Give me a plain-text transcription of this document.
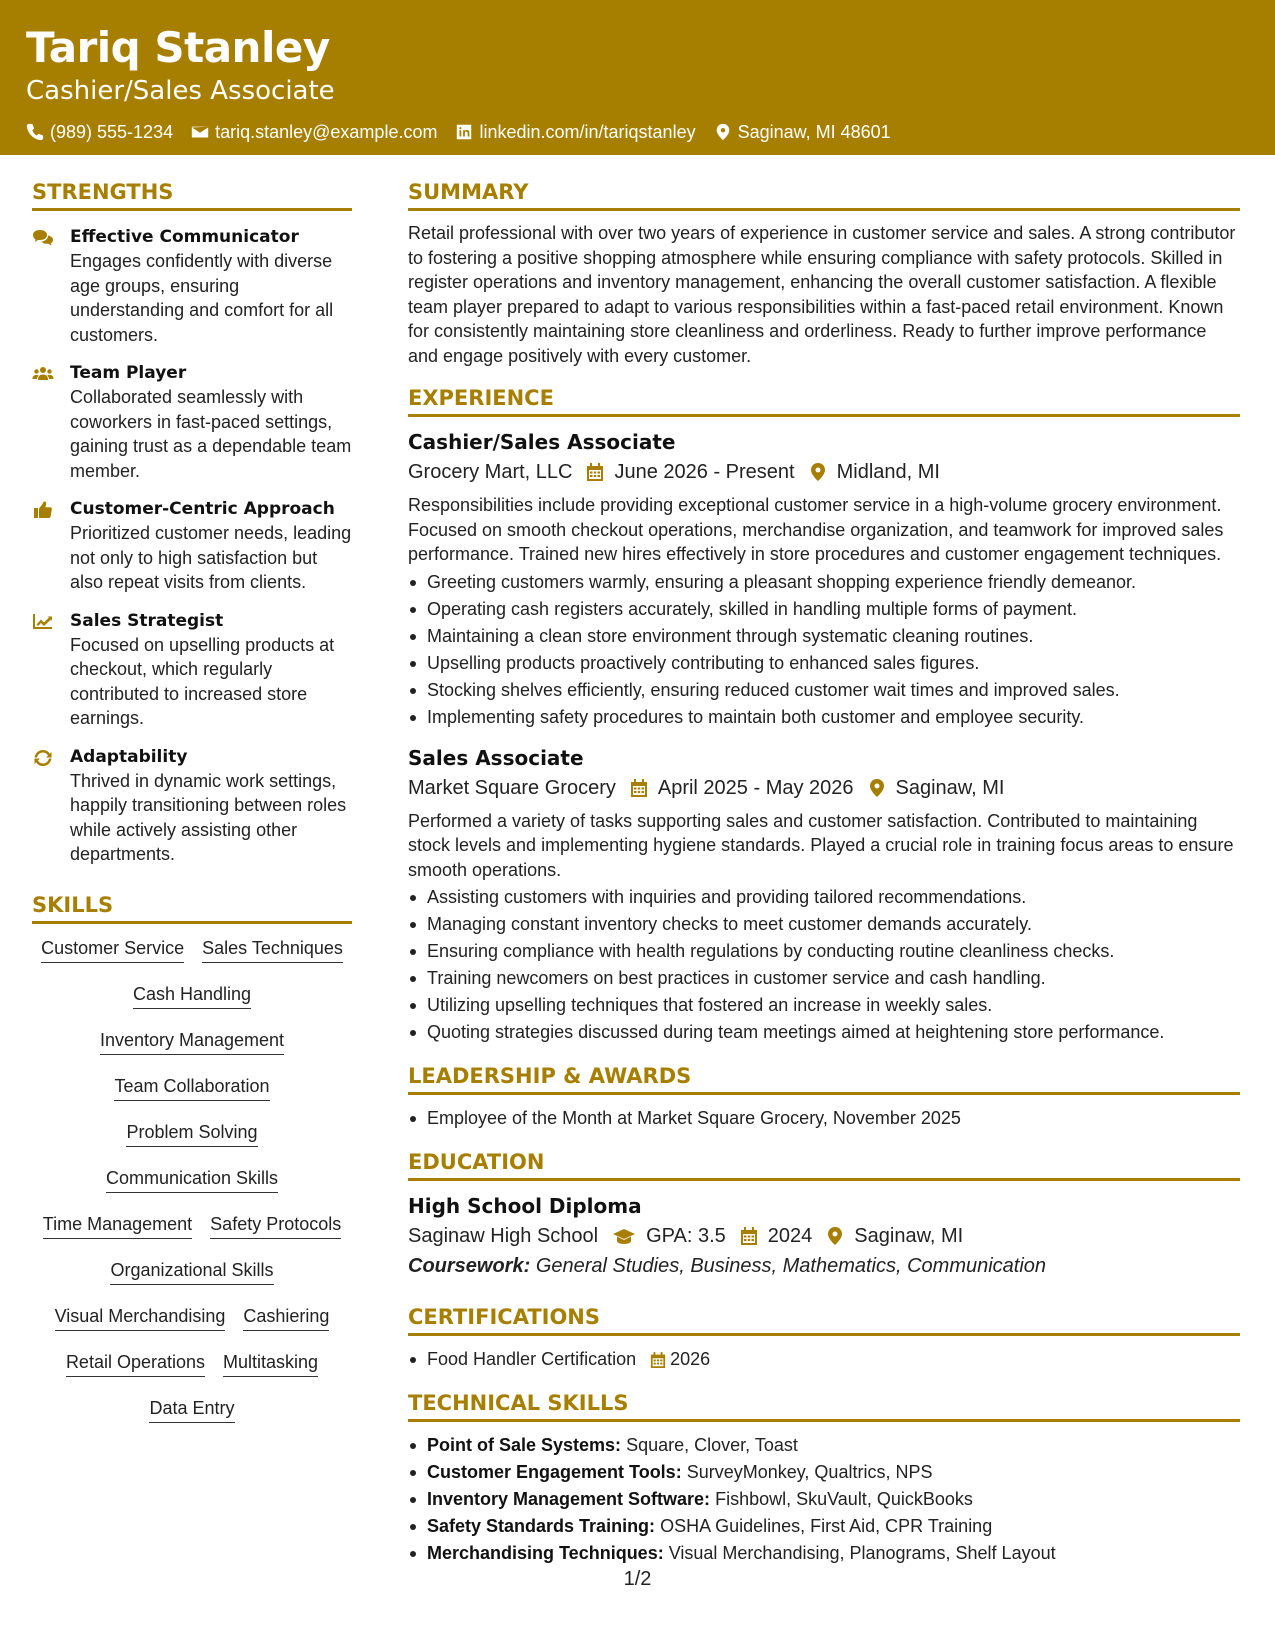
Tariq Stanley
Cashier/Sales Associate
(989) 555-1234 tariq.stanley@example.com linkedin.com/in/tariqstanley Saginaw, MI 48601
STRENGTHS
Effective Communicator
Engages confidently with diverse age groups, ensuring understanding and comfort for all customers.
Team Player
Collaborated seamlessly with coworkers in fast-paced settings, gaining trust as a dependable team member.
Customer-Centric Approach
Prioritized customer needs, leading not only to high satisfaction but also repeat visits from clients.
Sales Strategist
Focused on upselling products at checkout, which regularly contributed to increased store earnings.
Adaptability
Thrived in dynamic work settings, happily transitioning between roles while actively assisting other departments.
SKILLS
Customer Service Sales Techniques
Cash Handling
Inventory Management
Team Collaboration
Problem Solving
Communication Skills
Time Management Safety Protocols
Organizational Skills
Visual Merchandising Cashiering
Retail Operations Multitasking
Data Entry
SUMMARY
Retail professional with over two years of experience in customer service and sales. A strong contributor to fostering a positive shopping atmosphere while ensuring compliance with safety protocols. Skilled in register operations and inventory management, enhancing the overall customer satisfaction. A flexible team player prepared to adapt to various responsibilities within a fast-paced retail environment. Known for consistently maintaining store cleanliness and orderliness. Ready to further improve performance and engage positively with every customer.
EXPERIENCE
Cashier/Sales Associate
Grocery Mart, LLC June 2026 - Present Midland, MI
Responsibilities include providing exceptional customer service in a high-volume grocery environment. Focused on smooth checkout operations, merchandise organization, and teamwork for improved sales performance. Trained new hires effectively in store procedures and customer engagement techniques.
Greeting customers warmly, ensuring a pleasant shopping experience friendly demeanor.
Operating cash registers accurately, skilled in handling multiple forms of payment.
Maintaining a clean store environment through systematic cleaning routines.
Upselling products proactively contributing to enhanced sales figures.
Stocking shelves efficiently, ensuring reduced customer wait times and improved sales.
Implementing safety procedures to maintain both customer and employee security.
Sales Associate
Market Square Grocery April 2025 - May 2026 Saginaw, MI
Performed a variety of tasks supporting sales and customer satisfaction. Contributed to maintaining stock levels and implementing hygiene standards. Played a crucial role in training focus areas to ensure smooth operations.
Assisting customers with inquiries and providing tailored recommendations.
Managing constant inventory checks to meet customer demands accurately.
Ensuring compliance with health regulations by conducting routine cleanliness checks.
Training newcomers on best practices in customer service and cash handling.
Utilizing upselling techniques that fostered an increase in weekly sales.
Quoting strategies discussed during team meetings aimed at heightening store performance.
LEADERSHIP & AWARDS
Employee of the Month at Market Square Grocery, November 2025
EDUCATION
High School Diploma
Saginaw High School GPA: 3.5 2024 Saginaw, MI
Coursework: General Studies, Business, Mathematics, Communication
CERTIFICATIONS
Food Handler Certification 2026
TECHNICAL SKILLS
Point of Sale Systems: Square, Clover, Toast
Customer Engagement Tools: SurveyMonkey, Qualtrics, NPS
Inventory Management Software: Fishbowl, SkuVault, QuickBooks
Safety Standards Training: OSHA Guidelines, First Aid, CPR Training
Merchandising Techniques: Visual Merchandising, Planograms, Shelf Layout
1/2
